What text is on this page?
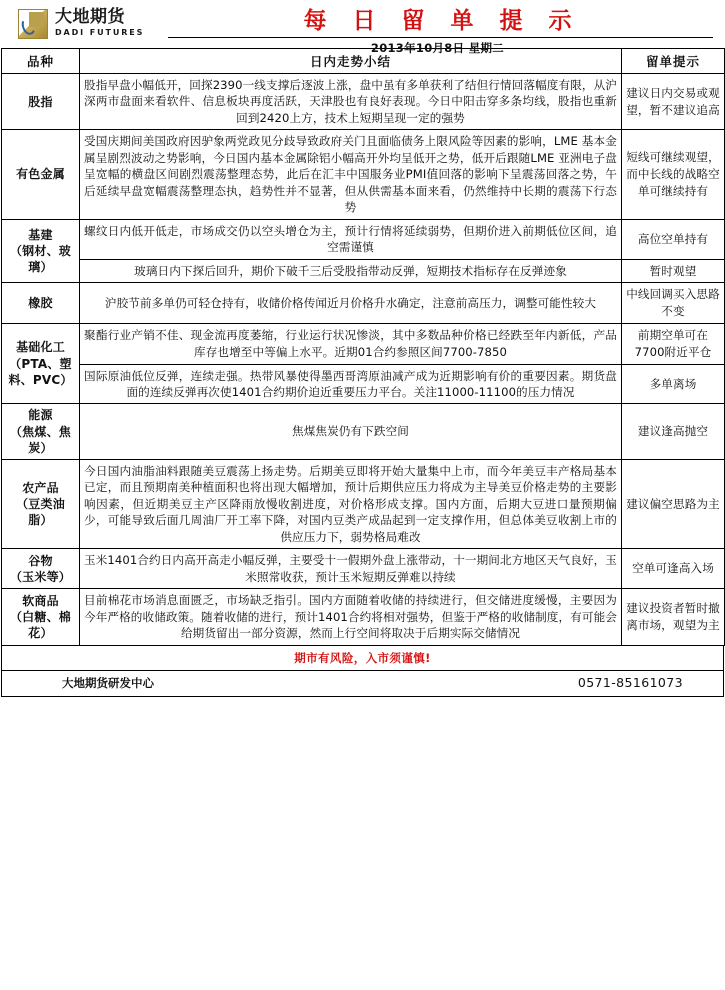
大地期货
DADI FUTURES	每 日 留 单 提 示
2013年10月8日 星期二
品种	日内走势小结	留单提示
股指	股指早盘小幅低开，回探2390一线支撑后逐波上涨，盘中虽有多单获利了结但行情回落幅度有限，从沪深两市盘面来看软件、信息板块再度活跃，天津股也有良好表现。今日中阳击穿多条均线，股指也重新回到2420上方，技术上短期呈现一定的强势	建议日内交易或观望，暂不建议追高
有色金属	受国庆期间美国政府因驴象两党政见分歧导致政府关门且面临债务上限风险等因素的影响，LME 基本金属呈剧烈波动之势影响，今日国内基本金属除铝小幅高开外均呈低开之势，低开后跟随LME 亚洲电子盘呈宽幅的横盘区间剧烈震荡整理态势，此后在汇丰中国服务业PMI值回落的影响下呈震荡回落之势，午后延续早盘宽幅震荡整理态执，趋势性并不显著，但从供需基本面来看，仍然维持中长期的震荡下行态势	短线可继续观望，而中长线的战略空单可继续持有

基建
（钢材、玻
璃）	螺纹日内低开低走，市场成交仍以空头增仓为主，预计行情将延续弱势，但期价进入前期低位区间，追空需谨慎	高位空单持有
	玻璃日内下探后回升，期价下破千三后受股指带动反弹，短期技术指标存在反弹迹象	暂时观望
橡胶	沪胶节前多单仍可轻仓持有，收储价格传闻近月价格升水确定，注意前高压力，调整可能性较大	中线回调买入思路不变

基础化工
（PTA、塑
料、PVC）	聚酯行业产销不佳、现金流再度萎缩，行业运行状况惨淡，其中多数品种价格已经跌至年内新低，产品库存也增至中等偏上水平。近期01合约参照区间7700-7850	前期空单可在7700附近平仓
	国际原油低位反弹，连续走强。热带风暴使得墨西哥湾原油减产成为近期影响有价的重要因素。期货盘面的连续反弹再次使1401合约期价迫近重要压力平台。关注11000-11100的压力情况	多单离场

能源
（焦煤、焦
炭）	焦煤焦炭仍有下跌空间	建议逢高抛空

农产品
（豆类油
脂）	今日国内油脂油料跟随美豆震荡上扬走势。后期美豆即将开始大量集中上市，而今年美豆丰产格局基本已定，而且预期南美种植面积也将出现大幅增加，预计后期供应压力将成为主导美豆价格走势的主要影响因素，但近期美豆主产区降雨放慢收割进度，对价格形成支撑。国内方面，后期大豆进口量预期偏少，可能导致后面几周油厂开工率下降，对国内豆类产成品起到一定支撑作用，但总体美豆收割上市的供应压力下，弱势格局难改	建议偏空思路为主

谷物
（玉米等）	玉米1401合约日内高开高走小幅反弹，主要受十一假期外盘上涨带动，十一期间北方地区天气良好，玉米照常收获，预计玉米短期反弹难以持续	空单可逢高入场

软商品
（白糖、棉
花）	目前棉花市场消息面匮乏，市场缺乏指引。国内方面随着收储的持续进行，但交储进度缓慢，主要因为今年严格的收储政策。随着收储的进行，预计1401合约将相对强势，但鉴于严格的收储制度，有可能会给期货留出一部分资源，然而上行空间将取决于后期实际交储情况	建议投资者暂时撤离市场，观望为主
期市有风险，入市须谨慎!
大地期货研发中心	0571-85161073
